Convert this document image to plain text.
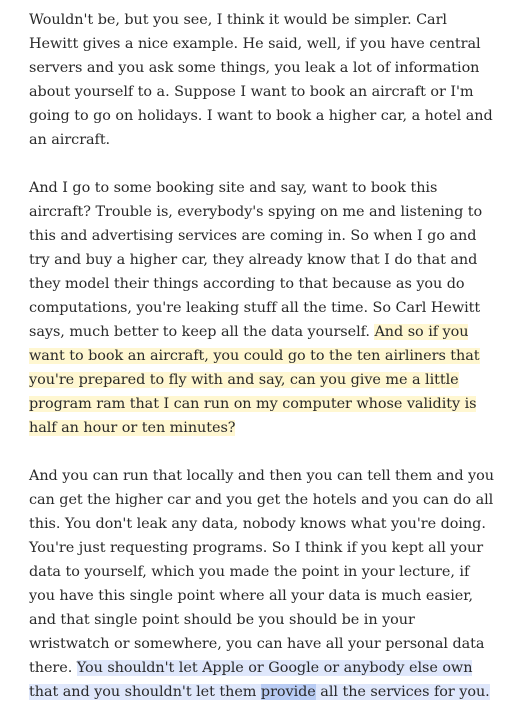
Wouldn't be, but you see, I think it would be simpler. Carl Hewitt gives a nice example. He said, well, if you have central servers and you ask some things, you leak a lot of information about yourself to a. Suppose I want to book an aircraft or I'm going to go on holidays. I want to book a higher car, a hotel and an aircraft.

And I go to some booking site and say, want to book this aircraft? Trouble is, everybody's spying on me and listening to this and advertising services are coming in. So when I go and try and buy a higher car, they already know that I do that and they model their things according to that because as you do computations, you're leaking stuff all the time. So Carl Hewitt says, much better to keep all the data yourself. And so if you want to book an aircraft, you could go to the ten airliners that you're prepared to fly with and say, can you give me a little program ram that I can run on my computer whose validity is half an hour or ten minutes?

And you can run that locally and then you can tell them and you can get the higher car and you get the hotels and you can do all this. You don't leak any data, nobody knows what you're doing. You're just requesting programs. So I think if you kept all your data to yourself, which you made the point in your lecture, if you have this single point where all your data is much easier, and that single point should be you should be in your wristwatch or somewhere, you can have all your personal data there. You shouldn't let Apple or Google or anybody else own that and you shouldn't let them provide all the services for you.
